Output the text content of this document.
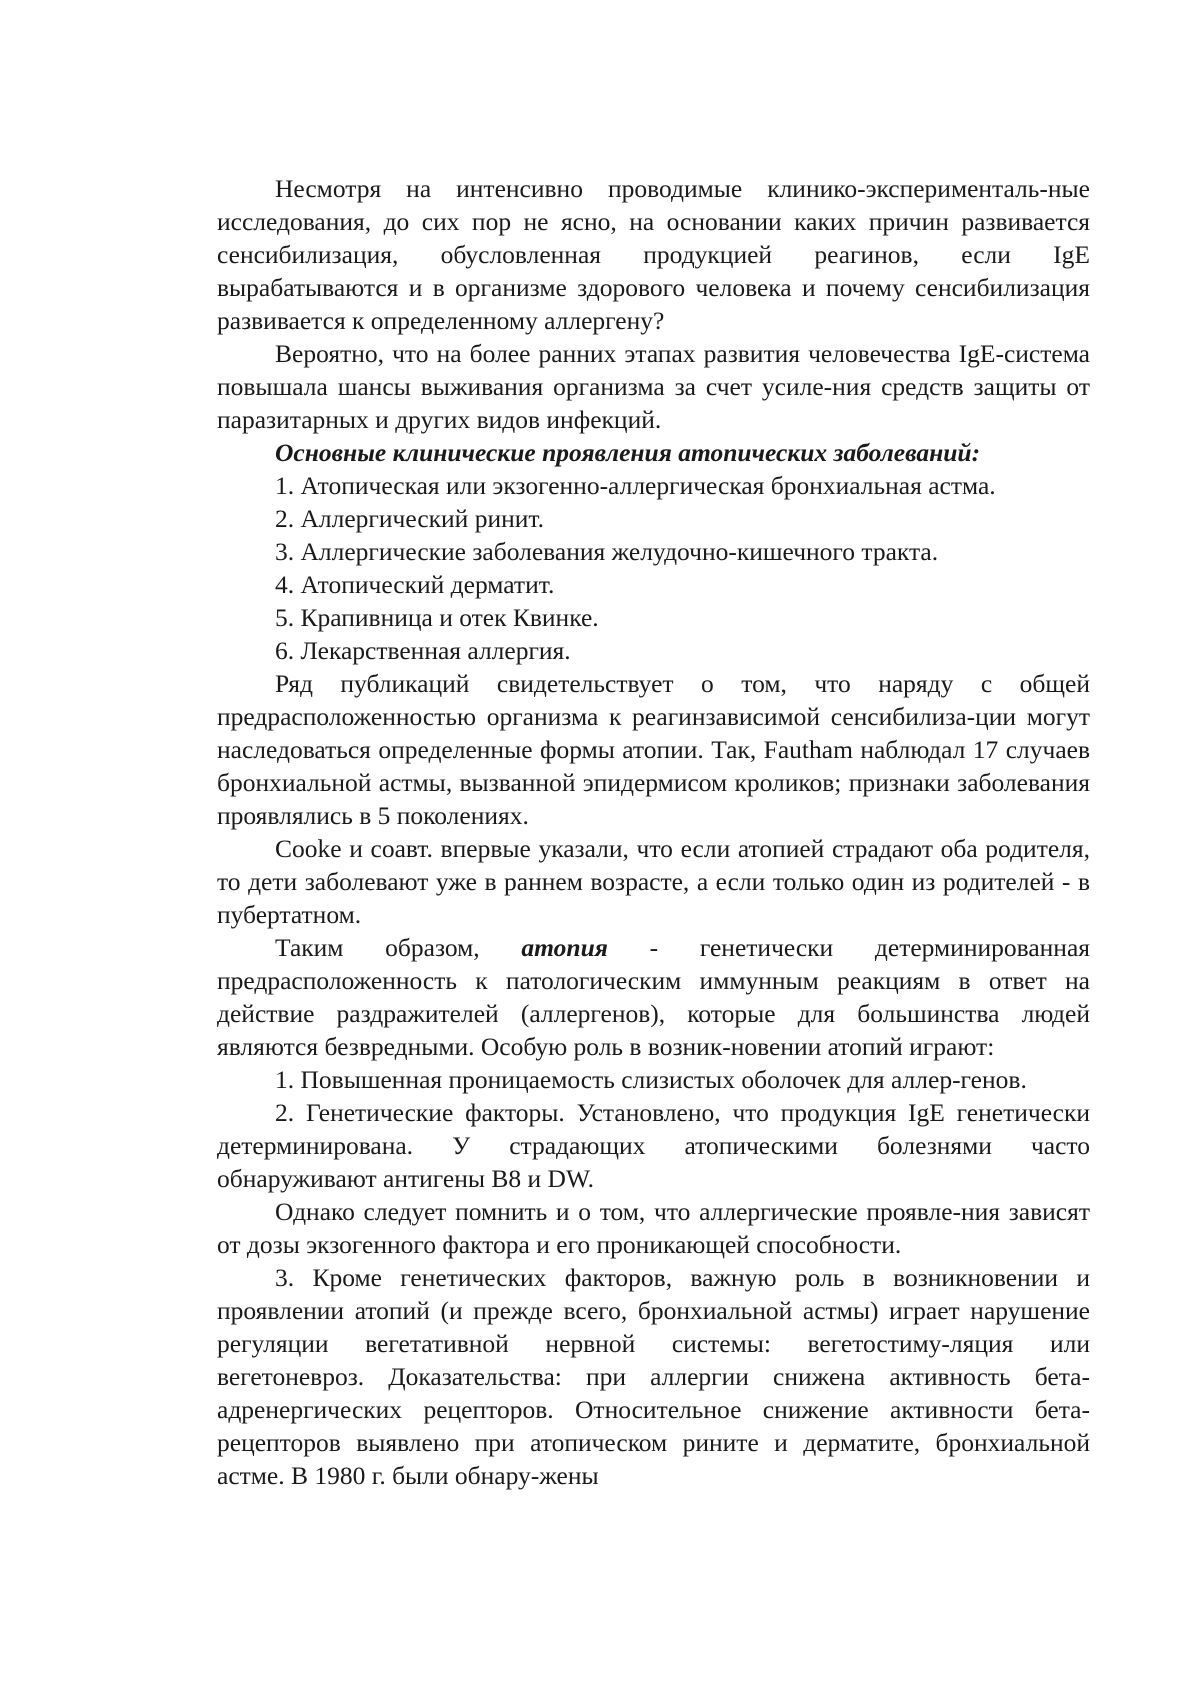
Несмотря на интенсивно проводимые клинико-эксперименталь-ные исследования, до сих пор не ясно, на основании каких причин развивается сенсибилизация, обусловленная продукцией реагинов, если IgE вырабатываются и в организме здорового человека и почему сенсибилизация развивается к определенному аллергену?

Вероятно, что на более ранних этапах развития человечества IgE-система повышала шансы выживания организма за счет усиле-ния средств защиты от паразитарных и других видов инфекций.

Основные клинические проявления атопических заболеваний:

1. Атопическая или экзогенно-аллергическая бронхиальная астма.

2. Аллергический ринит.

3. Аллергические заболевания желудочно-кишечного тракта.

4. Атопический дерматит.

5. Крапивница и отек Квинке.

6. Лекарственная аллергия.

Ряд публикаций свидетельствует о том, что наряду с общей предрасположенностью организма к реагинзависимой сенсибилиза-ции могут наследоваться определенные формы атопии. Так, Fautham наблюдал 17 случаев бронхиальной астмы, вызванной эпидермисом кроликов; признаки заболевания проявлялись в 5 поколениях.

Cooke и соавт. впервые указали, что если атопией страдают оба родителя, то дети заболевают уже в раннем возрасте, а если только один из родителей - в пубертатном.

Таким образом, атопия - генетически детерминированная предрасположенность к патологическим иммунным реакциям в ответ на действие раздражителей (аллергенов), которые для большинства людей являются безвредными. Особую роль в возник-новении атопий играют:

1. Повышенная проницаемость слизистых оболочек для аллер-генов.

2. Генетические факторы. Установлено, что продукция IgE генетически детерминирована. У страдающих атопическими болезнями часто обнаруживают антигены В8 и DW.

Однако следует помнить и о том, что аллергические проявле-ния зависят от дозы экзогенного фактора и его проникающей способности.

3. Кроме генетических факторов, важную роль в возникновении и проявлении атопий (и прежде всего, бронхиальной астмы) играет нарушение регуляции вегетативной нервной системы: вегетостиму-ляция или вегетоневроз. Доказательства: при аллергии снижена активность бета-адренергических рецепторов. Относительное снижение активности бета-рецепторов выявлено при атопическом рините и дерматите, бронхиальной астме. В 1980 г. были обнару-жены
